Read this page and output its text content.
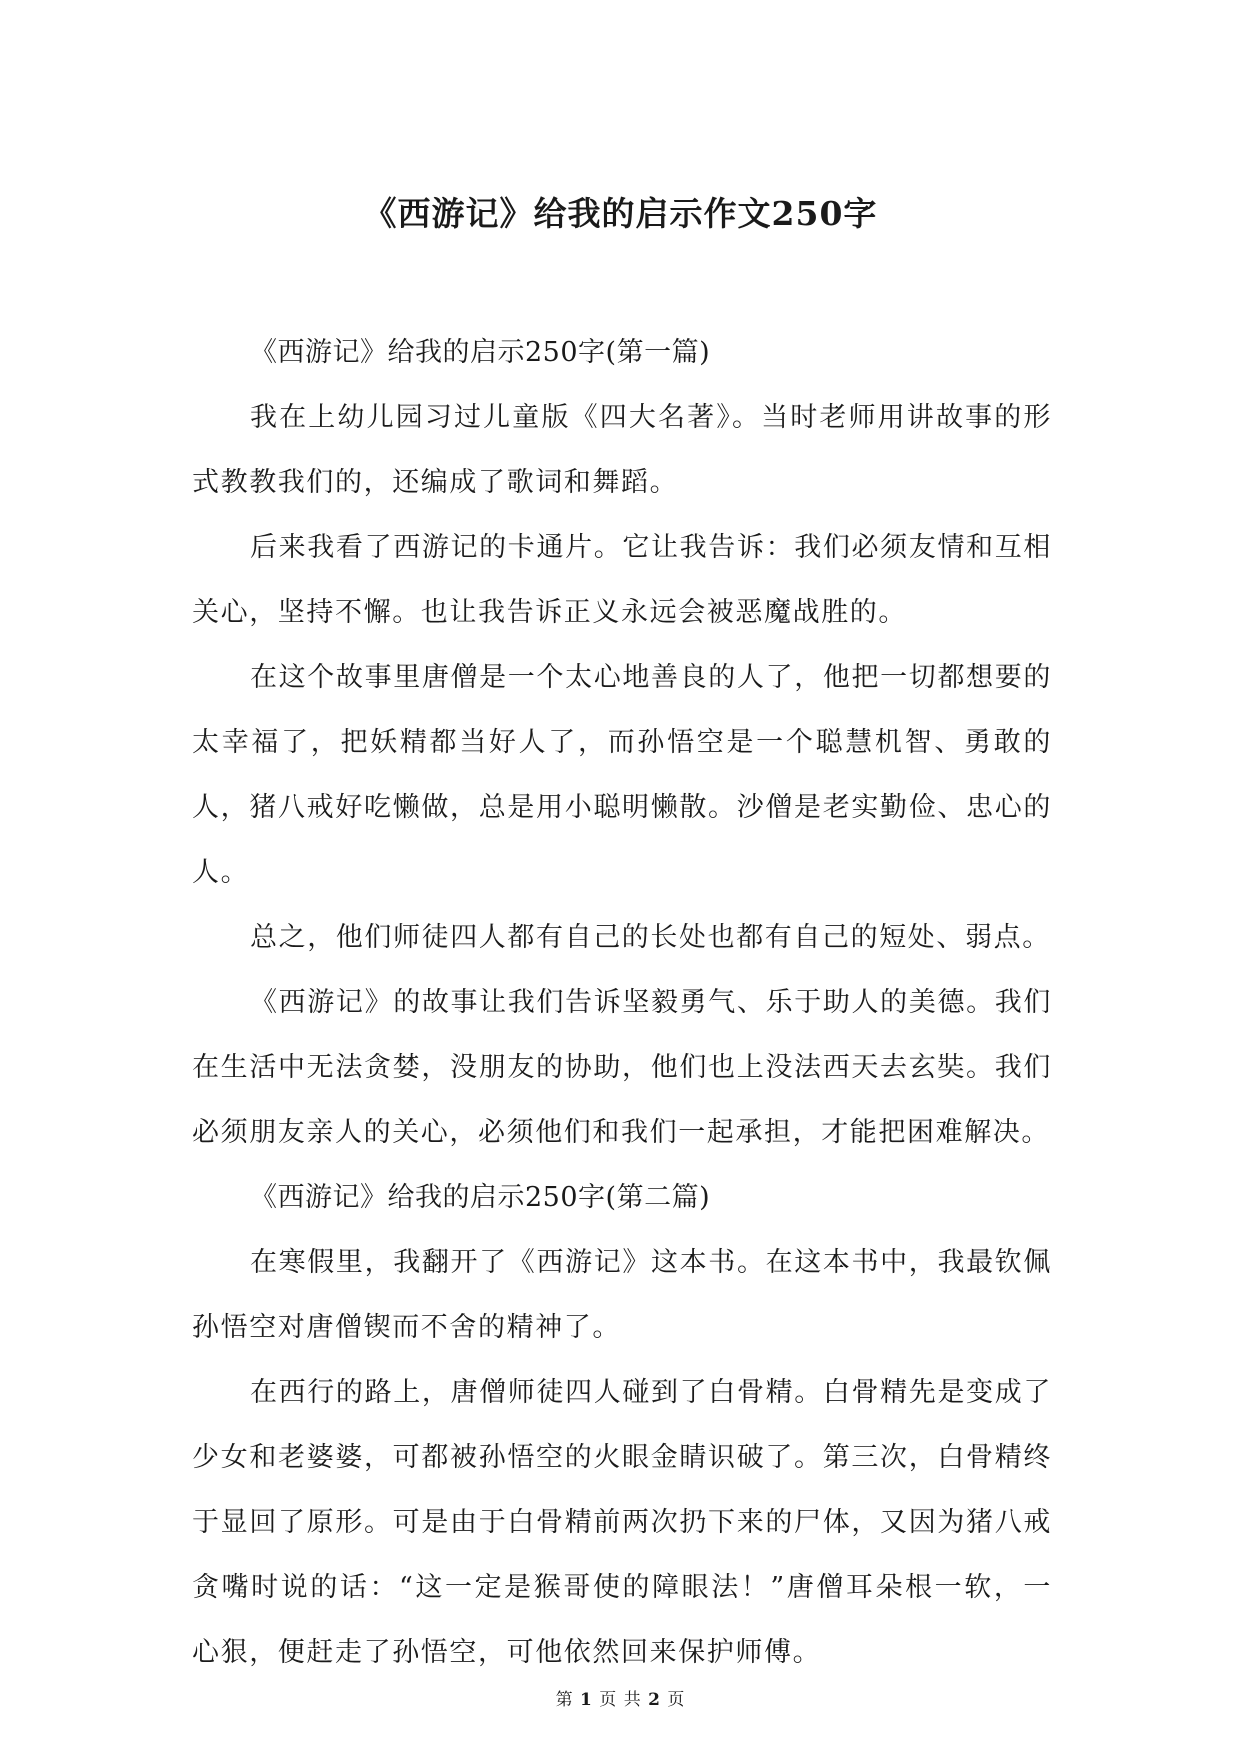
《西游记》给我的启示作文250字

《西游记》给我的启示250字(第一篇)

我在上幼儿园习过儿童版《四大名著》。当时老师用讲故事的形式教教我们的，还编成了歌词和舞蹈。

后来我看了西游记的卡通片。它让我告诉：我们必须友情和互相关心，坚持不懈。也让我告诉正义永远会被恶魔战胜的。

在这个故事里唐僧是一个太心地善良的人了，他把一切都想要的太幸福了，把妖精都当好人了，而孙悟空是一个聪慧机智、勇敢的人，猪八戒好吃懒做，总是用小聪明懒散。沙僧是老实勤俭、忠心的人。

总之，他们师徒四人都有自己的长处也都有自己的短处、弱点。

《西游记》的故事让我们告诉坚毅勇气、乐于助人的美德。我们在生活中无法贪婪，没朋友的协助，他们也上没法西天去玄奘。我们必须朋友亲人的关心，必须他们和我们一起承担，才能把困难解决。

《西游记》给我的启示250字(第二篇)

在寒假里，我翻开了《西游记》这本书。在这本书中，我最钦佩孙悟空对唐僧锲而不舍的精神了。

在西行的路上，唐僧师徒四人碰到了白骨精。白骨精先是变成了少女和老婆婆，可都被孙悟空的火眼金睛识破了。第三次，白骨精终于显回了原形。可是由于白骨精前两次扔下来的尸体，又因为猪八戒贪嘴时说的话：“这一定是猴哥使的障眼法！”唐僧耳朵根一软，一心狠，便赶走了孙悟空，可他依然回来保护师傅。

第 1 页 共 2 页
